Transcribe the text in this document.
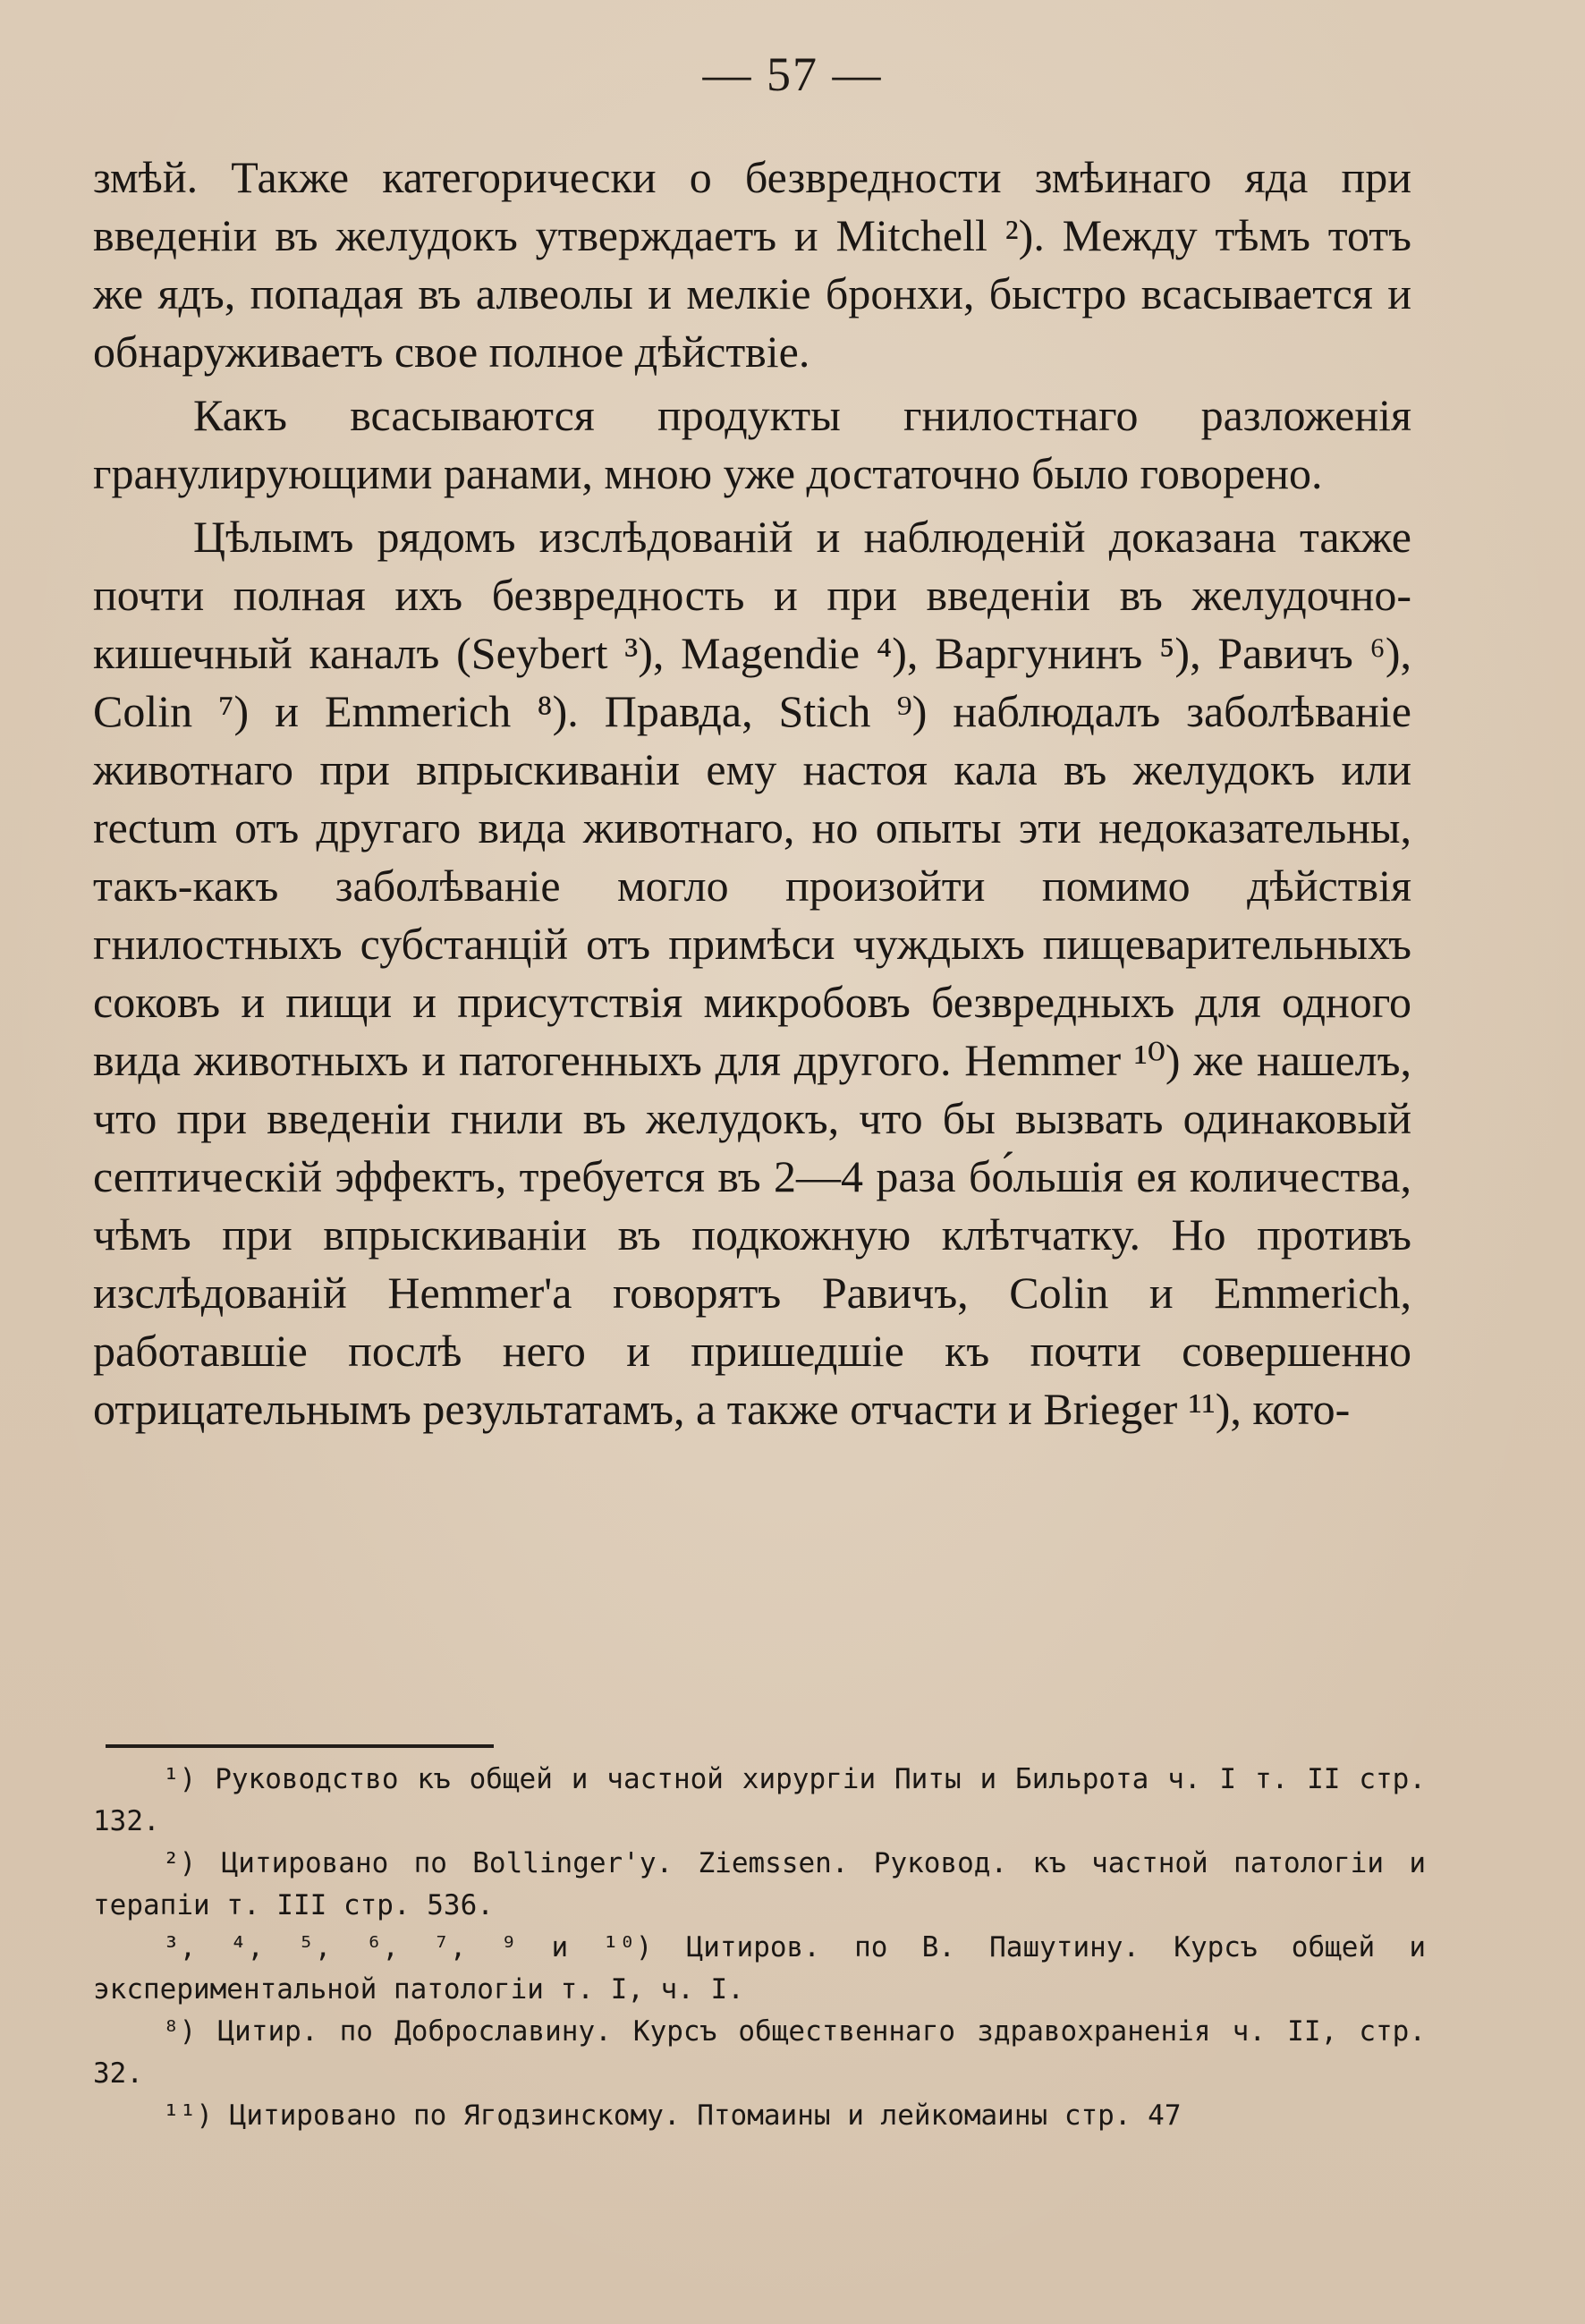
— 57 —

змѣй. Также категорически о безвредности змѣинаго яда при введеніи въ желудокъ утверждаетъ и Mitchell ²). Между тѣмъ тотъ же ядъ, попадая въ алвеолы и мелкіе бронхи, быстро всасывается и обнаруживаетъ свое полное дѣйствіе.

Какъ всасываются продукты гнилостнаго разложенія гранулирующими ранами, мною уже достаточно было говорено.

Цѣлымъ рядомъ изслѣдованій и наблюденій доказана также почти полная ихъ безвредность и при введеніи въ желудочно-кишечный каналъ (Seybert ³), Magendie ⁴), Варгунинъ ⁵), Равичъ ⁶), Colin ⁷) и Emmerich ⁸). Правда, Stich ⁹) наблюдалъ заболѣваніе животнаго при впрыскиваніи ему настоя кала въ желудокъ или rectum отъ другаго вида животнаго, но опыты эти недоказательны, такъ-какъ заболѣваніе могло произойти помимо дѣйствія гнилостныхъ субстанцій отъ примѣси чуждыхъ пищеварительныхъ соковъ и пищи и присутствія микробовъ безвредныхъ для одного вида животныхъ и патогенныхъ для другого. Hemmer ¹⁰) же нашелъ, что при введеніи гнили въ желудокъ, что бы вызвать одинаковый септическій эффектъ, требуется въ 2—4 раза бо́льшія ея количества, чѣмъ при впрыскиваніи въ подкожную клѣтчатку. Но противъ изслѣдованій Hemmer'а говорятъ Равичъ, Colin и Emmerich, работавшіе послѣ него и пришедшіе къ почти совершенно отрицательнымъ результатамъ, а также отчасти и Brieger ¹¹), кото-

¹) Руководство къ общей и частной хирургіи Питы и Бильрота ч. I т. II стр. 132.

²) Цитировано по Bollinger'у. Ziemssen. Руковод. къ частной патологіи и терапіи т. III стр. 536.

³, ⁴, ⁵, ⁶, ⁷, ⁹ и ¹⁰) Цитиров. по В. Пашутину. Курсъ общей и экспериментальной патологіи т. I, ч. I.

⁸) Цитир. по Доброславину. Курсъ общественнаго здравохраненія ч. II, стр. 32.

¹¹) Цитировано по Ягодзинскому. Птомаины и лейкомаины стр. 47
